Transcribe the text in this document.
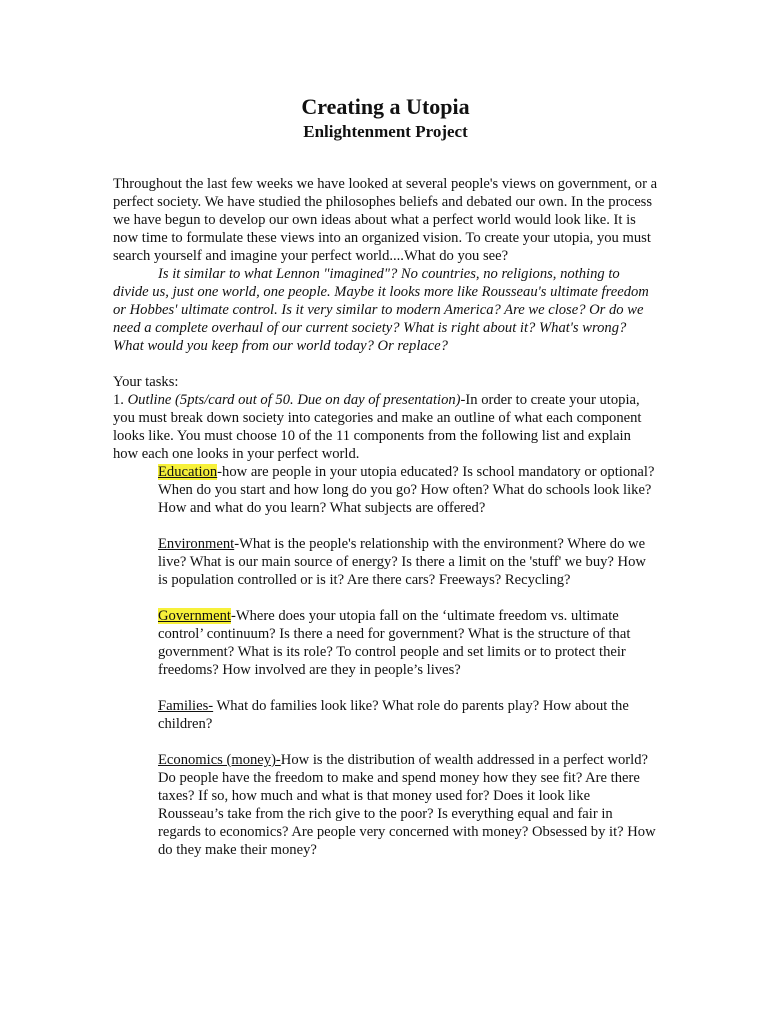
Creating a Utopia
Enlightenment Project

Throughout the last few weeks we have looked at several people's views on government, or a perfect society. We have studied the philosophes beliefs and debated our own. In the process we have begun to develop our own ideas about what a perfect world would look like. It is now time to formulate these views into an organized vision. To create your utopia, you must search yourself and imagine your perfect world....What do you see?

Is it similar to what Lennon "imagined"? No countries, no religions, nothing to divide us, just one world, one people. Maybe it looks more like Rousseau's ultimate freedom or Hobbes' ultimate control. Is it very similar to modern America? Are we close? Or do we need a complete overhaul of our current society? What is right about it? What's wrong? What would you keep from our world today? Or replace?

Your tasks:

1. Outline (5pts/card out of 50. Due on day of presentation)-In order to create your utopia, you must break down society into categories and make an outline of what each component looks like. You must choose 10 of the 11 components from the following list and explain how each one looks in your perfect world.

Education-how are people in your utopia educated? Is school mandatory or optional? When do you start and how long do you go? How often? What do schools look like? How and what do you learn? What subjects are offered?

Environment-What is the people's relationship with the environment? Where do we live? What is our main source of energy? Is there a limit on the 'stuff' we buy? How is population controlled or is it? Are there cars? Freeways? Recycling?

Government-Where does your utopia fall on the ‘ultimate freedom vs. ultimate control’ continuum? Is there a need for government? What is the structure of that government? What is its role? To control people and set limits or to protect their freedoms? How involved are they in people’s lives?

Families- What do families look like? What role do parents play? How about the children?

Economics (money)-How is the distribution of wealth addressed in a perfect world? Do people have the freedom to make and spend money how they see fit? Are there taxes? If so, how much and what is that money used for? Does it look like Rousseau’s take from the rich give to the poor? Is everything equal and fair in regards to economics? Are people very concerned with money? Obsessed by it? How do they make their money?
